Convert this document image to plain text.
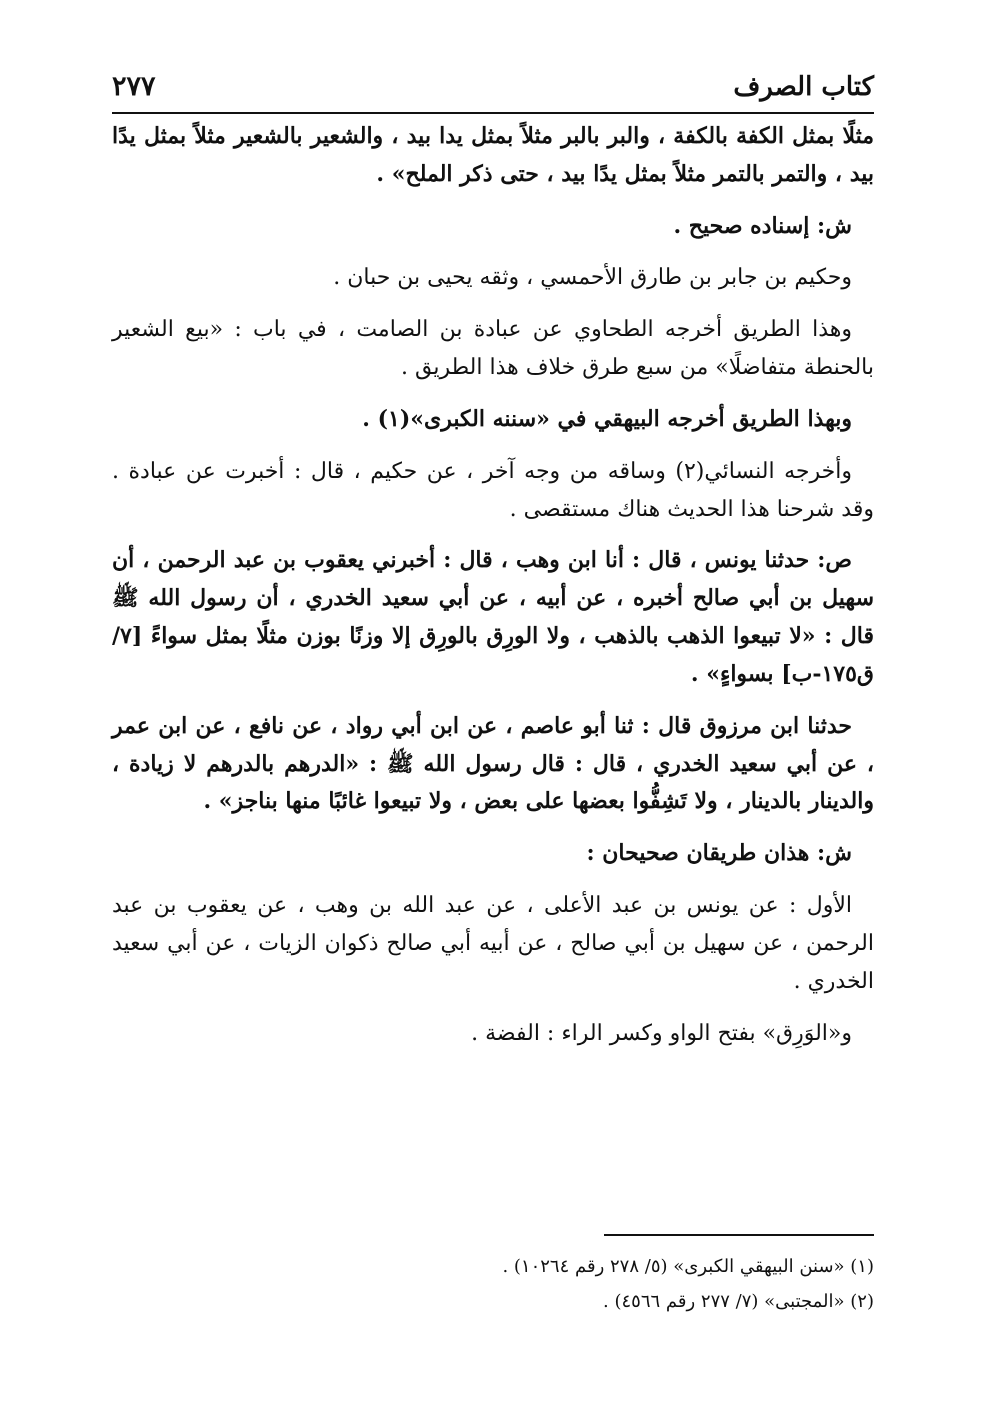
كتاب الصرف
٢٧٧

مثلًا بمثل الكفة بالكفة ، والبر بالبر مثلاً بمثل يدا بيد ، والشعير بالشعير مثلاً بمثل يدًا بيد ، والتمر بالتمر مثلاً بمثل يدًا بيد ، حتى ذكر الملح» .

ش: إسناده صحيح .

وحكيم بن جابر بن طارق الأحمسي ، وثقه يحيى بن حبان .

وهذا الطريق أخرجه الطحاوي عن عبادة بن الصامت ، في باب : «بيع الشعير بالحنطة متفاضلًا» من سبع طرق خلاف هذا الطريق .

وبهذا الطريق أخرجه البيهقي في «سننه الكبرى»(١) .

وأخرجه النسائي(٢) وساقه من وجه آخر ، عن حكيم ، قال : أخبرت عن عبادة . وقد شرحنا هذا الحديث هناك مستقصى .

ص: حدثنا يونس ، قال : أنا ابن وهب ، قال : أخبرني يعقوب بن عبد الرحمن ، أن سهيل بن أبي صالح أخبره ، عن أبيه ، عن أبي سعيد الخدري ، أن رسول الله ﷺ قال : «لا تبيعوا الذهب بالذهب ، ولا الورِق بالورِق إلا وزنًا بوزن مثلًا بمثل سواءً [٧/ ق١٧٥-ب] بسواءٍ» .

حدثنا ابن مرزوق قال : ثنا أبو عاصم ، عن ابن أبي رواد ، عن نافع ، عن ابن عمر ، عن أبي سعيد الخدري ، قال : قال رسول الله ﷺ : «الدرهم بالدرهم لا زيادة ، والدينار بالدينار ، ولا تَشِفُّوا بعضها على بعض ، ولا تبيعوا غائبًا منها بناجز» .

ش: هذان طريقان صحيحان :

الأول : عن يونس بن عبد الأعلى ، عن عبد الله بن وهب ، عن يعقوب بن عبد الرحمن ، عن سهيل بن أبي صالح ، عن أبيه أبي صالح ذكوان الزيات ، عن أبي سعيد الخدري .

و«الوَرِق» بفتح الواو وكسر الراء : الفضة .

(١) «سنن البيهقي الكبرى» (٥/ ٢٧٨ رقم ١٠٢٦٤) .

(٢) «المجتبى» (٧/ ٢٧٧ رقم ٤٥٦٦) .
